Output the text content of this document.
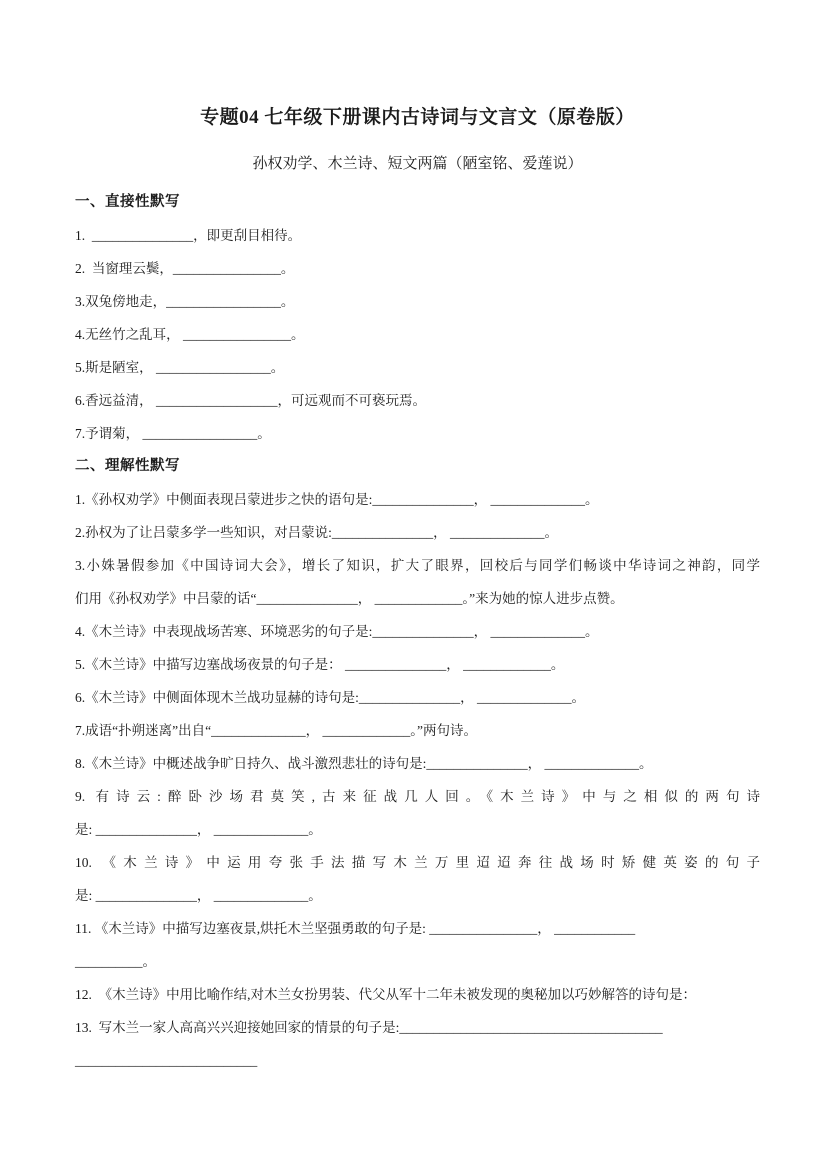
专题04 七年级下册课内古诗词与文言文（原卷版）

孙权劝学、木兰诗、短文两篇（陋室铭、爱莲说）

一、直接性默写

1.  _______________，即更刮目相待。

2.  当窗理云鬓，________________。

3.双兔傍地走，_________________。

4.无丝竹之乱耳， ________________。

5.斯是陋室， _________________。

6.香远益清， __________________，可远观而不可亵玩焉。

7.予谓菊， _________________。

二、理解性默写

1.《孙权劝学》中侧面表现吕蒙进步之快的语句是:_______________， ______________。

2.孙权为了让吕蒙多学一些知识，对吕蒙说:_______________， ______________。

3.小姝暑假参加《中国诗词大会》，增长了知识，扩大了眼界，回校后与同学们畅谈中华诗词之神韵，同学
们用《孙权劝学》中吕蒙的话“_______________， _____________。”来为她的惊人进步点赞。

4.《木兰诗》中表现战场苦寒、环境恶劣的句子是:_______________， ______________。

5.《木兰诗》中描写边塞战场夜景的句子是： _______________， _____________。

6.《木兰诗》中侧面体现木兰战功显赫的诗句是:_______________， ______________。

7.成语“扑朔迷离”出自“______________， _____________。”两句诗。

8.《木兰诗》中概述战争旷日持久、战斗激烈悲壮的诗句是:_______________， ______________。

9. 有诗云:醉卧沙场君莫笑,古来征战几人回。《木兰诗》中与之相似的两句诗
是: _______________， ______________。

10. 《木兰诗》中运用夸张手法描写木兰万里迢迢奔往战场时矫健英姿的句子
是: _______________， ______________。

11. 《木兰诗》中描写边塞夜景,烘托木兰坚强勇敢的句子是: ________________， ____________
__________。

12.  《木兰诗》中用比喻作结,对木兰女扮男装、代父从军十二年未被发现的奥秘加以巧妙解答的诗句是：

13.  写木兰一家人高高兴兴迎接她回家的情景的句子是:_______________________________________
___________________________
